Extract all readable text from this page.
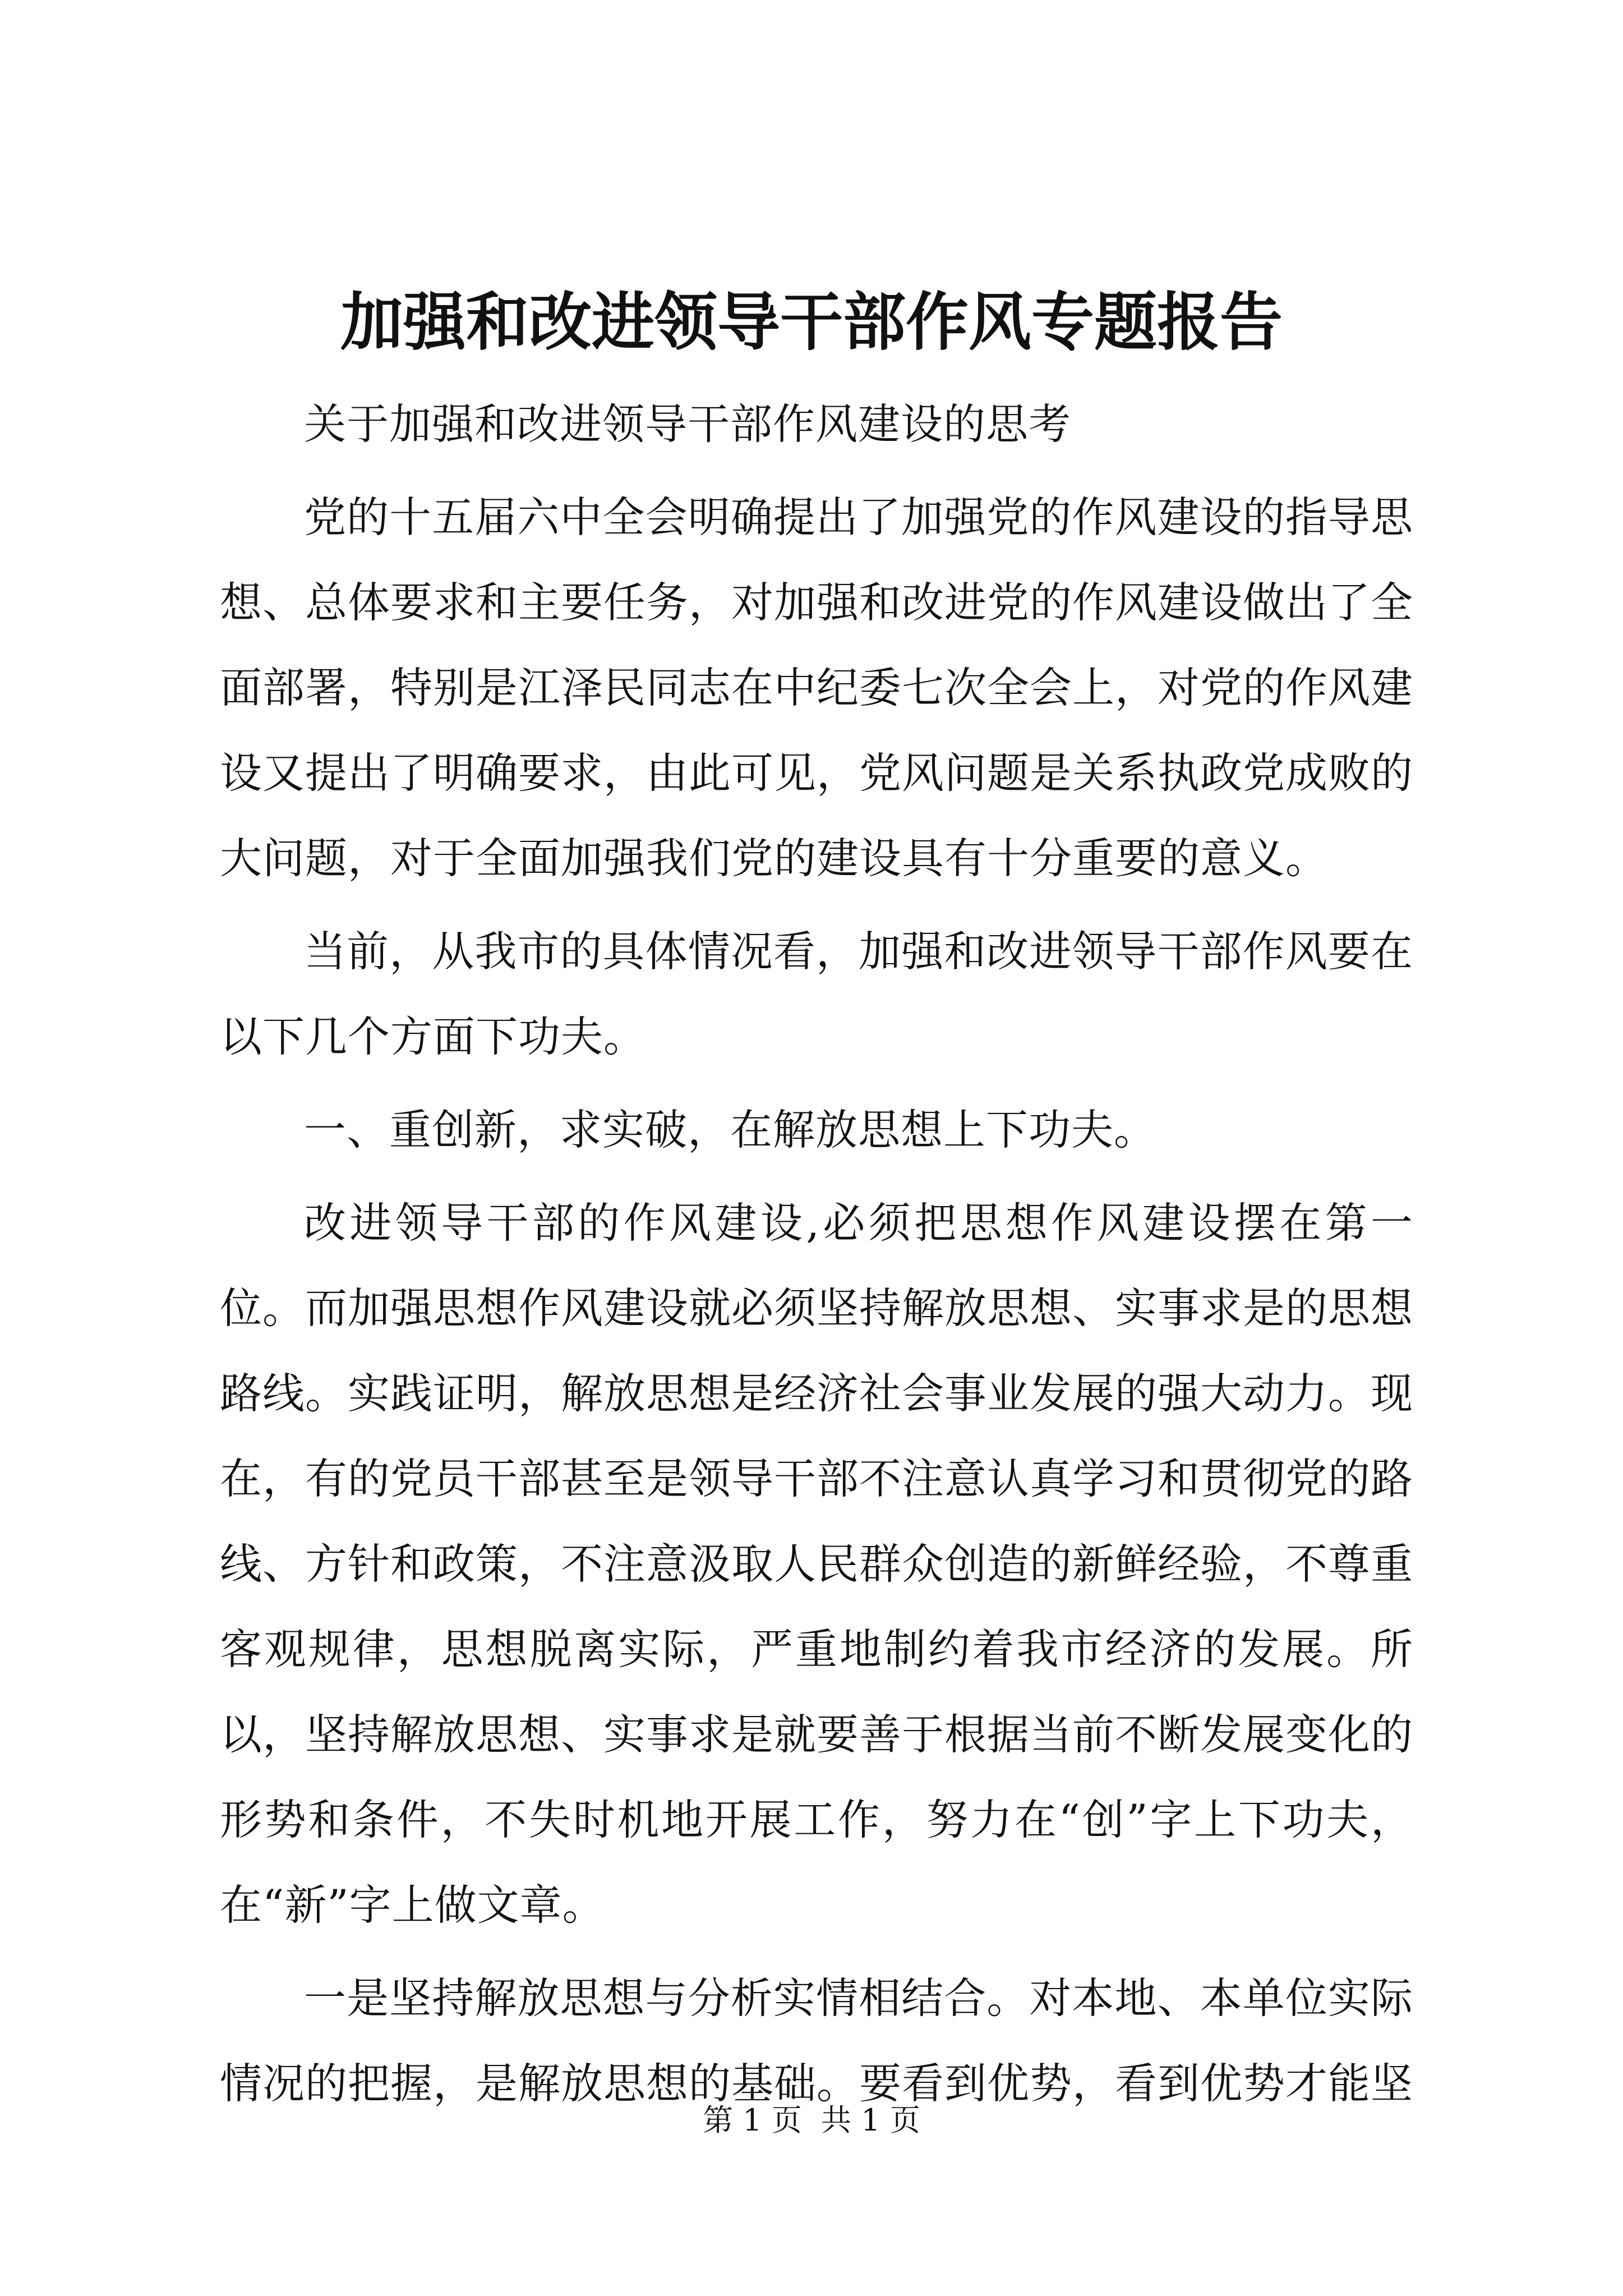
加强和改进领导干部作风专题报告

关于加强和改进领导干部作风建设的思考

党的十五届六中全会明确提出了加强党的作风建设的指导思想、总体要求和主要任务，对加强和改进党的作风建设做出了全面部署，特别是江泽民同志在中纪委七次全会上，对党的作风建设又提出了明确要求，由此可见，党风问题是关系执政党成败的大问题，对于全面加强我们党的建设具有十分重要的意义。

当前，从我市的具体情况看，加强和改进领导干部作风要在以下几个方面下功夫。

一、重创新，求实破，在解放思想上下功夫。

改进领导干部的作风建设,必须把思想作风建设摆在第一位。而加强思想作风建设就必须坚持解放思想、实事求是的思想路线。实践证明，解放思想是经济社会事业发展的强大动力。现在，有的党员干部甚至是领导干部不注意认真学习和贯彻党的路线、方针和政策，不注意汲取人民群众创造的新鲜经验，不尊重客观规律，思想脱离实际，严重地制约着我市经济的发展。所以，坚持解放思想、实事求是就要善于根据当前不断发展变化的形势和条件，不失时机地开展工作，努力在“创”字上下功夫，在“新”字上做文章。

一是坚持解放思想与分析实情相结合。对本地、本单位实际情况的把握，是解放思想的基础。要看到优势，看到优势才能坚

第 1 页  共 1 页
